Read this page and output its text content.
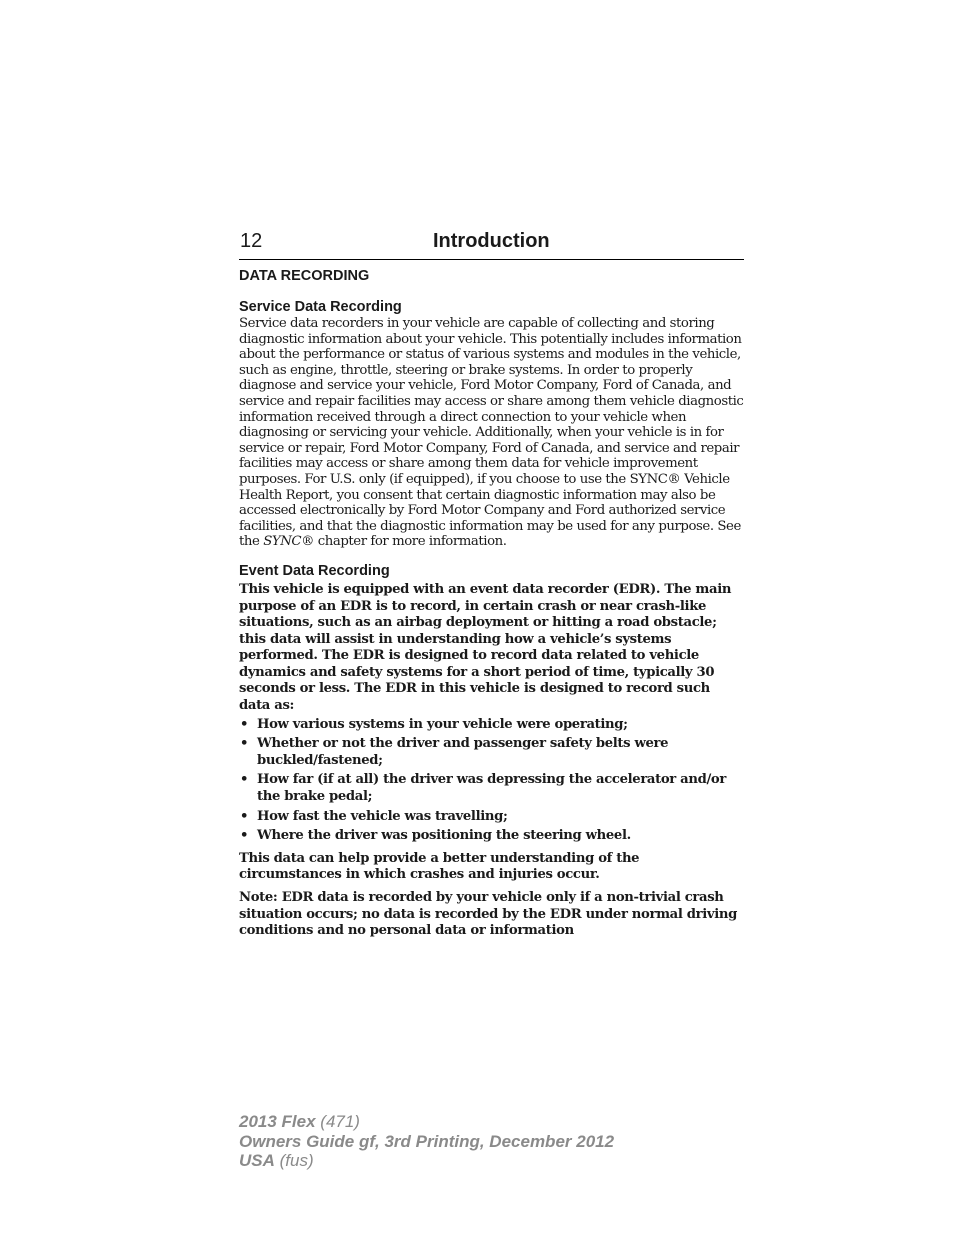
12	Introduction
DATA RECORDING
Service Data Recording

Service data recorders in your vehicle are capable of collecting and storing diagnostic information about your vehicle. This potentially includes information about the performance or status of various systems and modules in the vehicle, such as engine, throttle, steering or brake systems. In order to properly diagnose and service your vehicle, Ford Motor Company, Ford of Canada, and service and repair facilities may access or share among them vehicle diagnostic information received through a direct connection to your vehicle when diagnosing or servicing your vehicle. Additionally, when your vehicle is in for service or repair, Ford Motor Company, Ford of Canada, and service and repair facilities may access or share among them data for vehicle improvement purposes. For U.S. only (if equipped), if you choose to use the SYNC® Vehicle Health Report, you consent that certain diagnostic information may also be accessed electronically by Ford Motor Company and Ford authorized service facilities, and that the diagnostic information may be used for any purpose. See the SYNC® chapter for more information.

Event Data Recording

This vehicle is equipped with an event data recorder (EDR). The main purpose of an EDR is to record, in certain crash or near crash-like situations, such as an airbag deployment or hitting a road obstacle; this data will assist in understanding how a vehicle’s systems performed. The EDR is designed to record data related to vehicle dynamics and safety systems for a short period of time, typically 30 seconds or less. The EDR in this vehicle is designed to record such data as:

• How various systems in your vehicle were operating;
• Whether or not the driver and passenger safety belts were buckled/fastened;
• How far (if at all) the driver was depressing the accelerator and/or the brake pedal;
• How fast the vehicle was travelling;
• Where the driver was positioning the steering wheel.

This data can help provide a better understanding of the circumstances in which crashes and injuries occur.

Note: EDR data is recorded by your vehicle only if a non-trivial crash situation occurs; no data is recorded by the EDR under normal driving conditions and no personal data or information

2013 Flex (471)
Owners Guide gf, 3rd Printing, December 2012
USA (fus)
